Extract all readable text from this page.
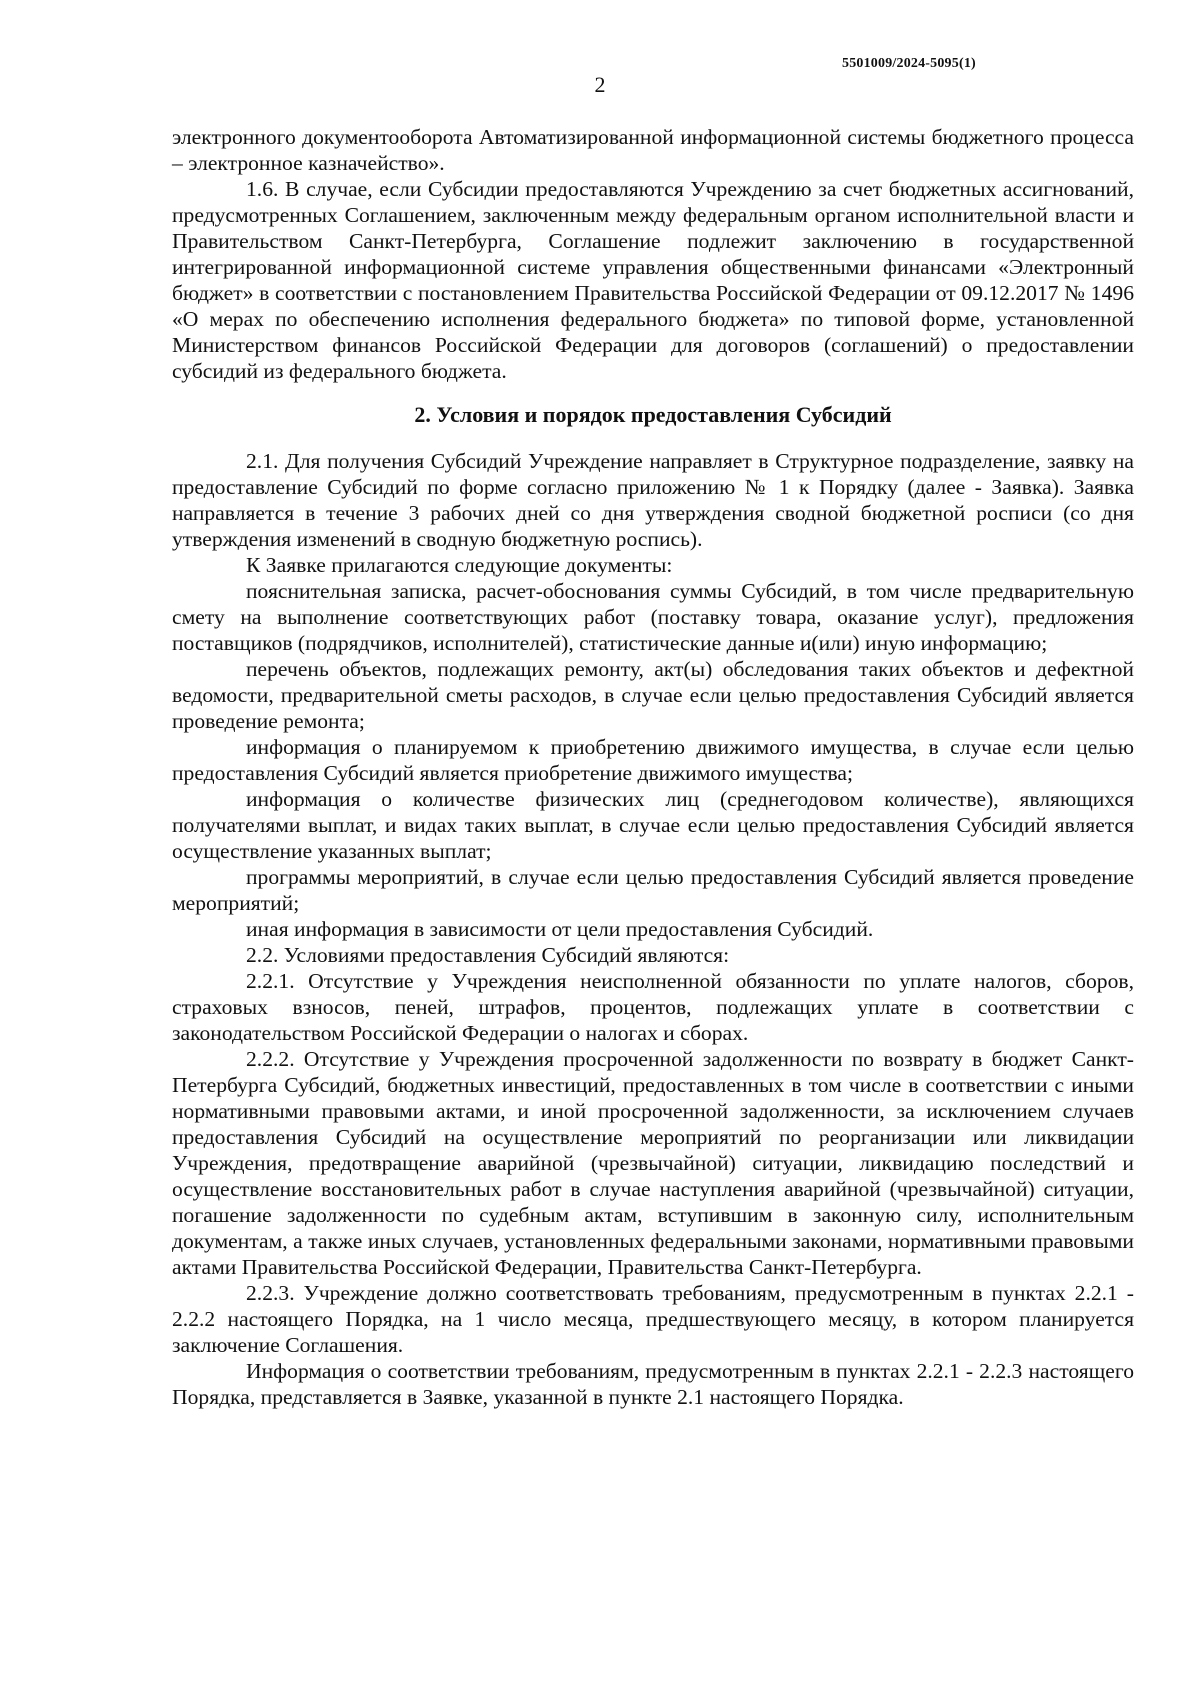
5501009/2024-5095(1)
2

электронного документооборота Автоматизированной информационной системы бюджетного процесса – электронное казначейство».

1.6. В случае, если Субсидии предоставляются Учреждению за счет бюджетных ассигнований, предусмотренных Соглашением, заключенным между федеральным органом исполнительной власти и Правительством Санкт-Петербурга, Соглашение подлежит заключению в государственной интегрированной информационной системе управления общественными финансами «Электронный бюджет» в соответствии с постановлением Правительства Российской Федерации от 09.12.2017 № 1496 «О мерах по обеспечению исполнения федерального бюджета» по типовой форме, установленной Министерством финансов Российской Федерации для договоров (соглашений) о предоставлении субсидий из федерального бюджета.

2. Условия и порядок предоставления Субсидий

2.1. Для получения Субсидий Учреждение направляет в Структурное подразделение, заявку на предоставление Субсидий по форме согласно приложению № 1 к Порядку (далее - Заявка). Заявка направляется в течение 3 рабочих дней со дня утверждения сводной бюджетной росписи (со дня утверждения изменений в сводную бюджетную роспись).

К Заявке прилагаются следующие документы:

пояснительная записка, расчет-обоснования суммы Субсидий, в том числе предварительную смету на выполнение соответствующих работ (поставку товара, оказание услуг), предложения поставщиков (подрядчиков, исполнителей), статистические данные и(или) иную информацию;

перечень объектов, подлежащих ремонту, акт(ы) обследования таких объектов и дефектной ведомости, предварительной сметы расходов, в случае если целью предоставления Субсидий является проведение ремонта;

информация о планируемом к приобретению движимого имущества, в случае если целью предоставления Субсидий является приобретение движимого имущества;

информация о количестве физических лиц (среднегодовом количестве), являющихся получателями выплат, и видах таких выплат, в случае если целью предоставления Субсидий является осуществление указанных выплат;

программы мероприятий, в случае если целью предоставления Субсидий является проведение мероприятий;

иная информация в зависимости от цели предоставления Субсидий.

2.2. Условиями предоставления Субсидий являются:

2.2.1. Отсутствие у Учреждения неисполненной обязанности по уплате налогов, сборов, страховых взносов, пеней, штрафов, процентов, подлежащих уплате в соответствии с законодательством Российской Федерации о налогах и сборах.

2.2.2. Отсутствие у Учреждения просроченной задолженности по возврату в бюджет Санкт-Петербурга Субсидий, бюджетных инвестиций, предоставленных в том числе в соответствии с иными нормативными правовыми актами, и иной просроченной задолженности, за исключением случаев предоставления Субсидий на осуществление мероприятий по реорганизации или ликвидации Учреждения, предотвращение аварийной (чрезвычайной) ситуации, ликвидацию последствий и осуществление восстановительных работ в случае наступления аварийной (чрезвычайной) ситуации, погашение задолженности по судебным актам, вступившим в законную силу, исполнительным документам, а также иных случаев, установленных федеральными законами, нормативными правовыми актами Правительства Российской Федерации, Правительства Санкт-Петербурга.

2.2.3. Учреждение должно соответствовать требованиям, предусмотренным в пунктах 2.2.1 - 2.2.2 настоящего Порядка, на 1 число месяца, предшествующего месяцу, в котором планируется заключение Соглашения.

Информация о соответствии требованиям, предусмотренным в пунктах 2.2.1 - 2.2.3 настоящего Порядка, представляется в Заявке, указанной в пункте 2.1 настоящего Порядка.
